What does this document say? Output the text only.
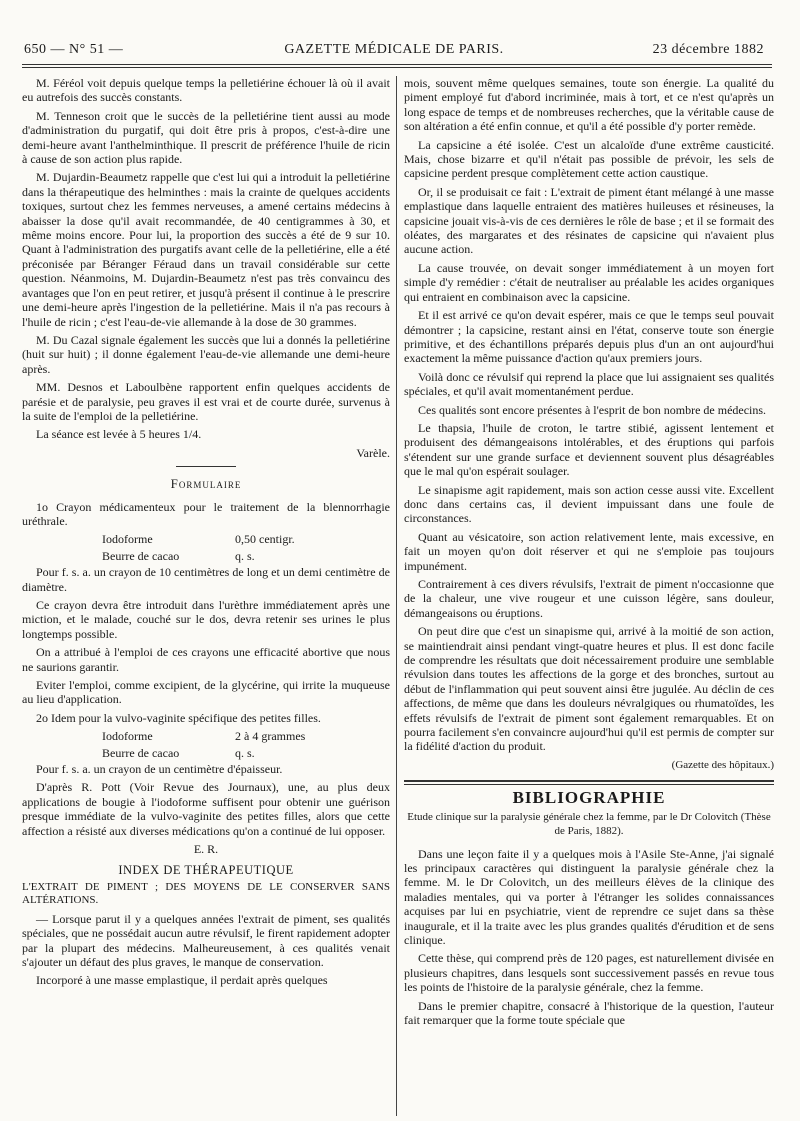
650 — N° 51 —	GAZETTE MÉDICALE DE PARIS.	23 décembre 1882

M. Féréol voit depuis quelque temps la pelletiérine échouer là où il avait eu autrefois des succès constants.

M. Tenneson croit que le succès de la pelletiérine tient aussi au mode d'administration du purgatif, qui doit être pris à propos, c'est-à-dire une demi-heure avant l'anthelminthique. Il prescrit de préférence l'huile de ricin à cause de son action plus rapide.

M. Dujardin-Beaumetz rappelle que c'est lui qui a introduit la pelletiérine dans la thérapeutique des helminthes : mais la crainte de quelques accidents toxiques, surtout chez les femmes nerveuses, a amené certains médecins à abaisser la dose qu'il avait recommandée, de 40 centigrammes à 30, et même moins encore. Pour lui, la proportion des succès a été de 9 sur 10. Quant à l'administration des purgatifs avant celle de la pelletiérine, elle a été préconisée par Béranger Féraud dans un travail considérable sur cette question. Néanmoins, M. Dujardin-Beaumetz n'est pas très convaincu des avantages que l'on en peut retirer, et jusqu'à présent il continue à le prescrire une demi-heure après l'ingestion de la pelletiérine. Mais il n'a pas recours à l'huile de ricin ; c'est l'eau-de-vie allemande à la dose de 30 grammes.

M. Du Cazal signale également les succès que lui a donnés la pelletiérine (huit sur huit) ; il donne également l'eau-de-vie allemande une demi-heure après.

MM. Desnos et Laboulbène rapportent enfin quelques accidents de parésie et de paralysie, peu graves il est vrai et de courte durée, survenus à la suite de l'emploi de la pelletiérine.

La séance est levée à 5 heures 1/4.

Varèle.
Formulaire

1o Crayon médicamenteux pour le traitement de la blennorrhagie uréthrale.

Iodoforme	0,50 centigr.
Beurre de cacao	q. s.

Pour f. s. a. un crayon de 10 centimètres de long et un demi centimètre de diamètre.

Ce crayon devra être introduit dans l'urèthre immédiatement après une miction, et le malade, couché sur le dos, devra retenir ses urines le plus longtemps possible.

On a attribué à l'emploi de ces crayons une efficacité abortive que nous ne saurions garantir.

Eviter l'emploi, comme excipient, de la glycérine, qui irrite la muqueuse au lieu d'application.

2o Idem pour la vulvo-vaginite spécifique des petites filles.

Iodoforme	2 à 4 grammes
Beurre de cacao	q. s.

Pour f. s. a. un crayon de un centimètre d'épaisseur.

D'après R. Pott (Voir Revue des Journaux), une, au plus deux applications de bougie à l'iodoforme suffisent pour obtenir une guérison presque immédiate de la vulvo-vaginite des petites filles, alors que cette affection a résisté aux diverses médications qu'on a continué de lui opposer.

E. R.
INDEX DE THÉRAPEUTIQUE

L'EXTRAIT DE PIMENT ; DES MOYENS DE LE CONSERVER SANS ALTÉRATIONS.

— Lorsque parut il y a quelques années l'extrait de piment, ses qualités spéciales, que ne possédait aucun autre révulsif, le firent rapidement adopter par la plupart des médecins. Malheureusement, à ces qualités venait s'ajouter un défaut des plus graves, le manque de conservation.

Incorporé à une masse emplastique, il perdait après quelques

mois, souvent même quelques semaines, toute son énergie. La qualité du piment employé fut d'abord incriminée, mais à tort, et ce n'est qu'après un long espace de temps et de nombreuses recherches, que la véritable cause de son altération a été enfin connue, et qu'il a été possible d'y porter remède.

La capsicine a été isolée. C'est un alcaloïde d'une extrême causticité. Mais, chose bizarre et qu'il n'était pas possible de prévoir, les sels de capsicine perdent presque complètement cette action caustique.

Or, il se produisait ce fait : L'extrait de piment étant mélangé à une masse emplastique dans laquelle entraient des matières huileuses et résineuses, la capsicine jouait vis-à-vis de ces dernières le rôle de base ; et il se formait des oléates, des margarates et des résinates de capsicine qui n'avaient plus aucune action.

La cause trouvée, on devait songer immédiatement à un moyen fort simple d'y remédier : c'était de neutraliser au préalable les acides organiques qui entraient en combinaison avec la capsicine.

Et il est arrivé ce qu'on devait espérer, mais ce que le temps seul pouvait démontrer ; la capsicine, restant ainsi en l'état, conserve toute son énergie primitive, et des échantillons préparés depuis plus d'un an ont aujourd'hui exactement la même puissance d'action qu'aux premiers jours.

Voilà donc ce révulsif qui reprend la place que lui assignaient ses qualités spéciales, et qu'il avait momentanément perdue.

Ces qualités sont encore présentes à l'esprit de bon nombre de médecins.

Le thapsia, l'huile de croton, le tartre stibié, agissent lentement et produisent des démangeaisons intolérables, et des éruptions qui parfois s'étendent sur une grande surface et deviennent souvent plus désagréables que le mal qu'on espérait soulager.

Le sinapisme agit rapidement, mais son action cesse aussi vite. Excellent donc dans certains cas, il devient impuissant dans une foule de circonstances.

Quant au vésicatoire, son action relativement lente, mais excessive, en fait un moyen qu'on doit réserver et qui ne s'emploie pas toujours impunément.

Contrairement à ces divers révulsifs, l'extrait de piment n'occasionne que de la chaleur, une vive rougeur et une cuisson légère, sans douleur, démangeaisons ou éruptions.

On peut dire que c'est un sinapisme qui, arrivé à la moitié de son action, se maintiendrait ainsi pendant vingt-quatre heures et plus. Il est donc facile de comprendre les résultats que doit nécessairement produire une semblable révulsion dans toutes les affections de la gorge et des bronches, surtout au début de l'inflammation qui peut souvent ainsi être jugulée. Au déclin de ces affections, de même que dans les douleurs névralgiques ou rhumatoïdes, les effets révulsifs de l'extrait de piment sont également remarquables. Et on pourra facilement s'en convaincre aujourd'hui qu'il est permis de compter sur la fidélité d'action du produit.

(Gazette des hôpitaux.)
BIBLIOGRAPHIE
Etude clinique sur la paralysie générale chez la femme, par le Dr Colovitch (Thèse de Paris, 1882).

Dans une leçon faite il y a quelques mois à l'Asile Ste-Anne, j'ai signalé les principaux caractères qui distinguent la paralysie générale chez la femme. M. le Dr Colovitch, un des meilleurs élèves de la clinique des maladies mentales, qui va porter à l'étranger les solides connaissances acquises par lui en psychiatrie, vient de reprendre ce sujet dans sa thèse inaugurale, et il la traite avec les plus grandes qualités d'érudition et de sens clinique.

Cette thèse, qui comprend près de 120 pages, est naturellement divisée en plusieurs chapitres, dans lesquels sont successivement passés en revue tous les points de l'histoire de la paralysie générale, chez la femme.

Dans le premier chapitre, consacré à l'historique de la question, l'auteur fait remarquer que la forme toute spéciale que
